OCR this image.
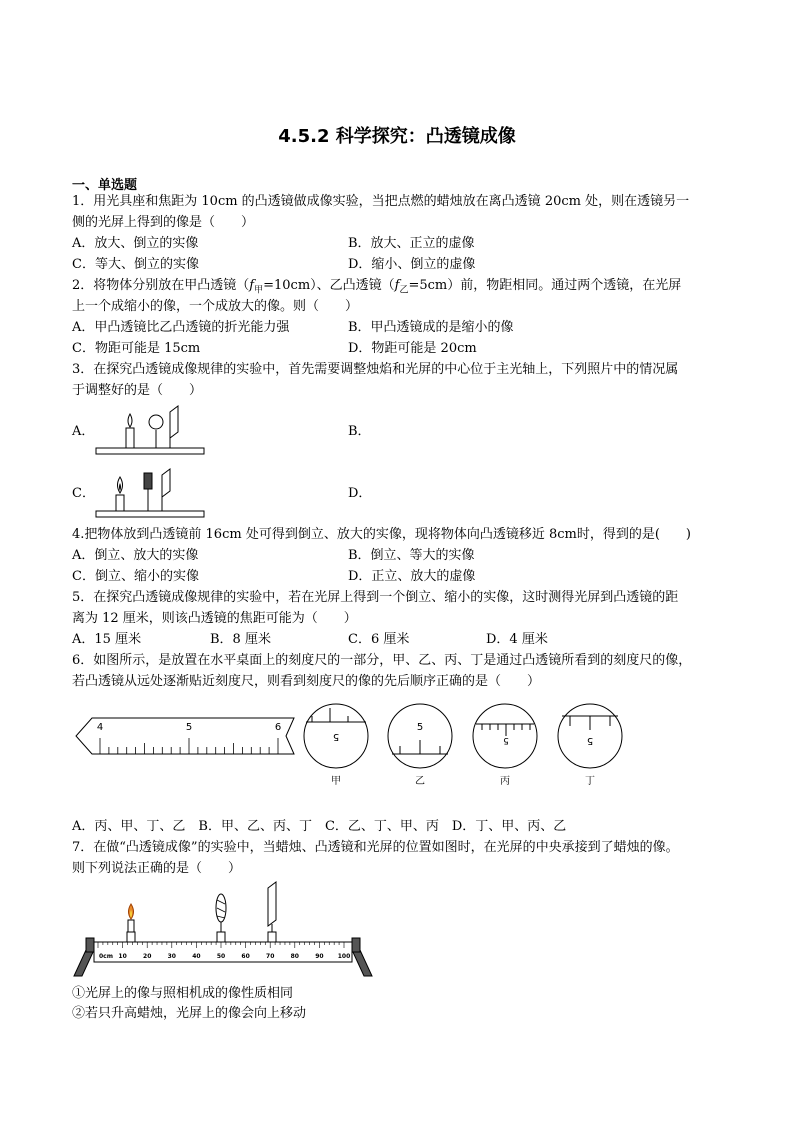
4.5.2 科学探究：凸透镜成像
一、单选题
1．用光具座和焦距为 10cm 的凸透镜做成像实验，当把点燃的蜡烛放在离凸透镜 20cm 处，则在透镜另一
侧的光屏上得到的像是（　　）
A．放大、倒立的实像	B．放大、正立的虚像
C．等大、倒立的实像	D．缩小、倒立的虚像
2．将物体分别放在甲凸透镜$(f_甲=10cm)$、乙凸透镜$(f_乙=5cm)$前，物距相同。通过两个透镜，在光屏
上一个成缩小的像，一个成放大的像。则（　　）
A．甲凸透镜比乙凸透镜的折光能力强	B．甲凸透镜成的是缩小的像
C．物距可能是 15cm	D．物距可能是 20cm
3．在探究凸透镜成像规律的实验中，首先需要调整烛焰和光屏的中心位于主光轴上，下列照片中的情况属
于调整好的是（　　）
A．	B．
C．	D．
4.把物体放到凸透镜前 16cm 处可得到倒立、放大的实像，现将物体向凸透镜移近 8cm时，得到的是(　　)
A．倒立、放大的实像	B．倒立、等大的实像
C．倒立、缩小的实像	D．正立、放大的虚像
5．在探究凸透镜成像规律的实验中，若在光屏上得到一个倒立、缩小的实像，这时测得光屏到凸透镜的距
离为 12 厘米，则该凸透镜的焦距可能为（　　）
A．15 厘米	B．8 厘米	C．6 厘米	D．4 厘米
6．如图所示，是放置在水平桌面上的刻度尺的一部分，甲、乙、丙、丁是通过凸透镜所看到的刻度尺的像，
若凸透镜从远处逐渐贴近刻度尺，则看到刻度尺的像的先后顺序正确的是（　　）
4	5	6
5
5
5	5
甲	乙	丙	丁
A．丙、甲、丁、乙　B．甲、乙、丙、丁　C．乙、丁、甲、丙　D．丁、甲、丙、乙
7．在做“凸透镜成像”的实验中，当蜡烛、凸透镜和光屏的位置如图时，在光屏的中央承接到了蜡烛的像。
则下列说法正确的是（　　）
0cm 10	20	30	40	50	60	70	80	90 100
①光屏上的像与照相机成的像性质相同
②若只升高蜡烛，光屏上的像会向上移动
